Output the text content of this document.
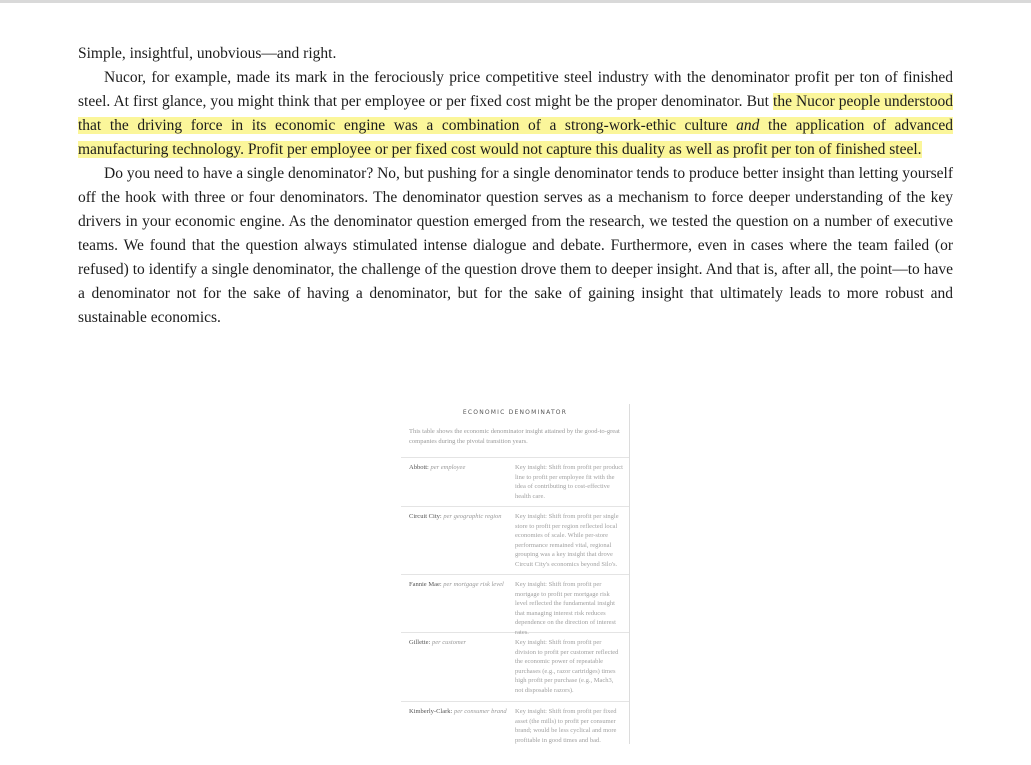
Simple, insightful, unobvious—and right.

Nucor, for example, made its mark in the ferociously price competitive steel industry with the denominator profit per ton of finished steel. At first glance, you might think that per employee or per fixed cost might be the proper denominator. But the Nucor people understood that the driving force in its economic engine was a combination of a strong-work-ethic culture and the application of advanced manufacturing technology. Profit per employee or per fixed cost would not capture this duality as well as profit per ton of finished steel.

Do you need to have a single denominator? No, but pushing for a single denominator tends to produce better insight than letting yourself off the hook with three or four denominators. The denominator question serves as a mechanism to force deeper understanding of the key drivers in your economic engine. As the denominator question emerged from the research, we tested the question on a number of executive teams. We found that the question always stimulated intense dialogue and debate. Furthermore, even in cases where the team failed (or refused) to identify a single denominator, the challenge of the question drove them to deeper insight. And that is, after all, the point—to have a denominator not for the sake of having a denominator, but for the sake of gaining insight that ultimately leads to more robust and sustainable economics.

ECONOMIC DENOMINATOR
This table shows the economic denominator insight attained by the good-to-great companies during the pivotal transition years.
Abbott: per employee	Key insight: Shift from profit per product line to profit per employee fit with the idea of contributing to cost-effective health care.
Circuit City: per geographic region	Key insight: Shift from profit per single store to profit per region reflected local economies of scale. While per-store performance remained vital, regional grouping was a key insight that drove Circuit City's economics beyond Silo's.
Fannie Mae: per mortgage risk level	Key insight: Shift from profit per mortgage to profit per mortgage risk level reflected the fundamental insight that managing interest risk reduces dependence on the direction of interest rates.
Gillette: per customer	Key insight: Shift from profit per division to profit per customer reflected the economic power of repeatable purchases (e.g., razor cartridges) times high profit per purchase (e.g., Mach3, not disposable razors).
Kimberly-Clark: per consumer brand	Key insight: Shift from profit per fixed asset (the mills) to profit per consumer brand; would be less cyclical and more profitable in good times and bad.
